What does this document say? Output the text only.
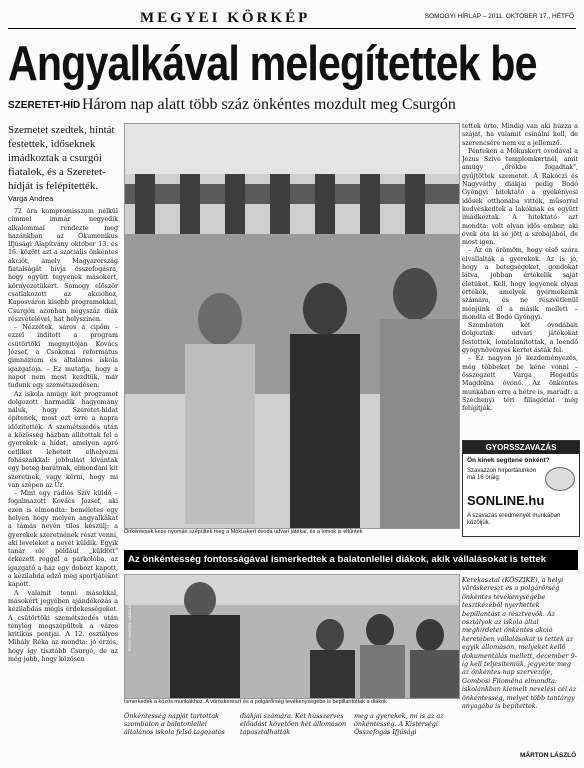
MEGYEI KÖRKÉP	SOMOGYI HÍRLAP – 2011. OKTÓBER 17., HÉTFŐ
Angyalkával melegítettek be
SZERETET-HÍD Három nap alatt több száz önkéntes mozdult meg Csurgón
Szemetet szedtek, hintát festettek, időseknek imádkoztak a csurgói fiatalok, és a Szeretet-hídját is felépítették.
Varga Andrea

72 óra kompromisszum nélkül címmel immár negyedik alkalommal rendezte meg hazánkban az Ökumenikus Ifjúsági Alapítvány október 13. és 16. között azt a szociális önkéntes akciót, amely Magyarország fiatalságát hívja összefogásra, hogy együtt tegyenek másokért, környezetükért. Somogy először csatlakozott az akcióhoz, Kaposváron kisebb programokkal, Csurgón azonban négyszáz diák részvételével, hat helyszínen.

– Nézzétek, sáros a cipőm – ezzel indított a program csütörtöki megnyitóján Kovács József, a Csokonai református gimnázium és általános iskola igazgatója. – Ez mutatja, hogy a napot nem most kezdtük, már tudunk egy szemétszedésen.

Az iskola amúgy két programot dolgozott harmadik hagyomány náluk, hogy Szeretet-hidat építenek, most ezt erre a napra időzítették. A szemétszedés után a közösség házban állítottak fel a gyerekek a hídat, amelyen apró cetliket lehetett elhelyezni fohászaikkal: jobbulást kívántak egy beteg barátnak, elmondani kit szeretnek, vagy kérni, hogy mi van szépen az Úr.

– Mint egy rádiós Szív küldő – fogalmazott Kovács József, aki ezen is elmondta: beméletes egy helyen hogy melyen angyalkákat a támás nevén tilos készülj: a gyerekek szeretnének részt venni, aki leveleket a nevét küldik. Egyik tanár elé például „küldött" érkezett reggel a parkolóba, az igazgató a ház egy dobozt kapott, a kézilabda edző meg sportjátékot kapott.

A valamit tenni másokkal, másokért jegyében ajándékozás a kézilabdás mégis érdekességeket. A csütörtöki szemétszedés után tényleg megszépültek a város kritikus pontjai. A 12. osztályos Mihály Réka az mondta: jó érzés, hogy így tisztább Csurgó, de az még jobb, hogy közösen

Önkéntesek keze nyomán szépültek meg a Mókuskert óvoda udvari játékai, és a lomok is eltűntek

tettek érte. Mindig van aki húzza a száját, ha valamit csinálni kell, de szerencsére nem ez a jellemző.

Pénteken a Mókuskert óvodával a Jézus Szíve templomkertnél, amit amúgy „örökbe fogadtak", gyűjtöttek szemetet. A Rákóczi és Nagyváthy diákjai pedig Bodó Gyöngyi hitoktató a gyékényesi idősek otthonába vitték, műsorral kedveskedtek a lakóknak és együtt imádkoztak. A hitoktató azt mondta: volt olyan idős ember, aki évek óta ki se jött a szobájából, de most igen.

– Az én örömöm, hogy első szóra elvállalták a gyerekek. Az is jó, hogy a betegségeket, gondokat látva, jobban értékelik saját életüket. Kell, hogy legyenek olyan értékek, amelyek gyermekeink számára, és ne részvétlenül menjünk el a másik mellett – mondta el Bodó Gyöngyi.

Szombaton két óvodában dolgoztak: udvari játékokat festettek, lomtalanítottak, a leendő gyógynövényes kertet ásták fel.

– Ez nagyon jó kezdeményezés, még többeket be kéne vonni – összegzett Varga Hegedűs Magdolna óvónő. Az önkéntes munkában erre a hétre is, maradt: a Széchenyi téri fillagóriát még felújítják.

GYORSSZAVAZÁS
Ön kinek segítene önként?
Szavazzon hirportálunkon ma 16 óráig:
SONLINE.hu
A szavazás eredményét munkában közöljük.
Az önkéntesség fontosságával ismerkedtek a balatonlellei diákok, akik vállalásokat is tettek
FOTÓ: MARTINI LÁSZLÓ
Ismerkedek a közös munkákhoz. A vöröskereszt és a polgárőrség tevékenységébe is bepillantottak a diákok
Önkéntesség napját tartottak szombaton a balatonlellei általános iskola felső tagozatos
diákjai számára. Két hússzerves előadást követően hét állomáson tapasztalhatták
meg a gyerekek, mi is az az önkéntesség. A Kistérségi Összefogás Ifjúsági
Kerekasztal (KÖSZIKE), a helyi vöröskereszt és a polgárőrség önkéntes tevékenységébe tesztkézéből nyerhettek bepillantást a résztvevők. Az osztályok az iskola által meghirdetet önkéntes akció keretében vállalásokat is tettek az egyik állomáson, melyeket kellő dokumentálás mellett, december 9-ig kell teljesíteniük, jegyezte meg az önkéntes nap szervezője, Gombosi Filoména elmondta: iskolánkban kiemelt nevelési cél az önkéntesség, melyet több tantárgy anyagába is bepítettek.
MÁRTON LÁSZLÓ
